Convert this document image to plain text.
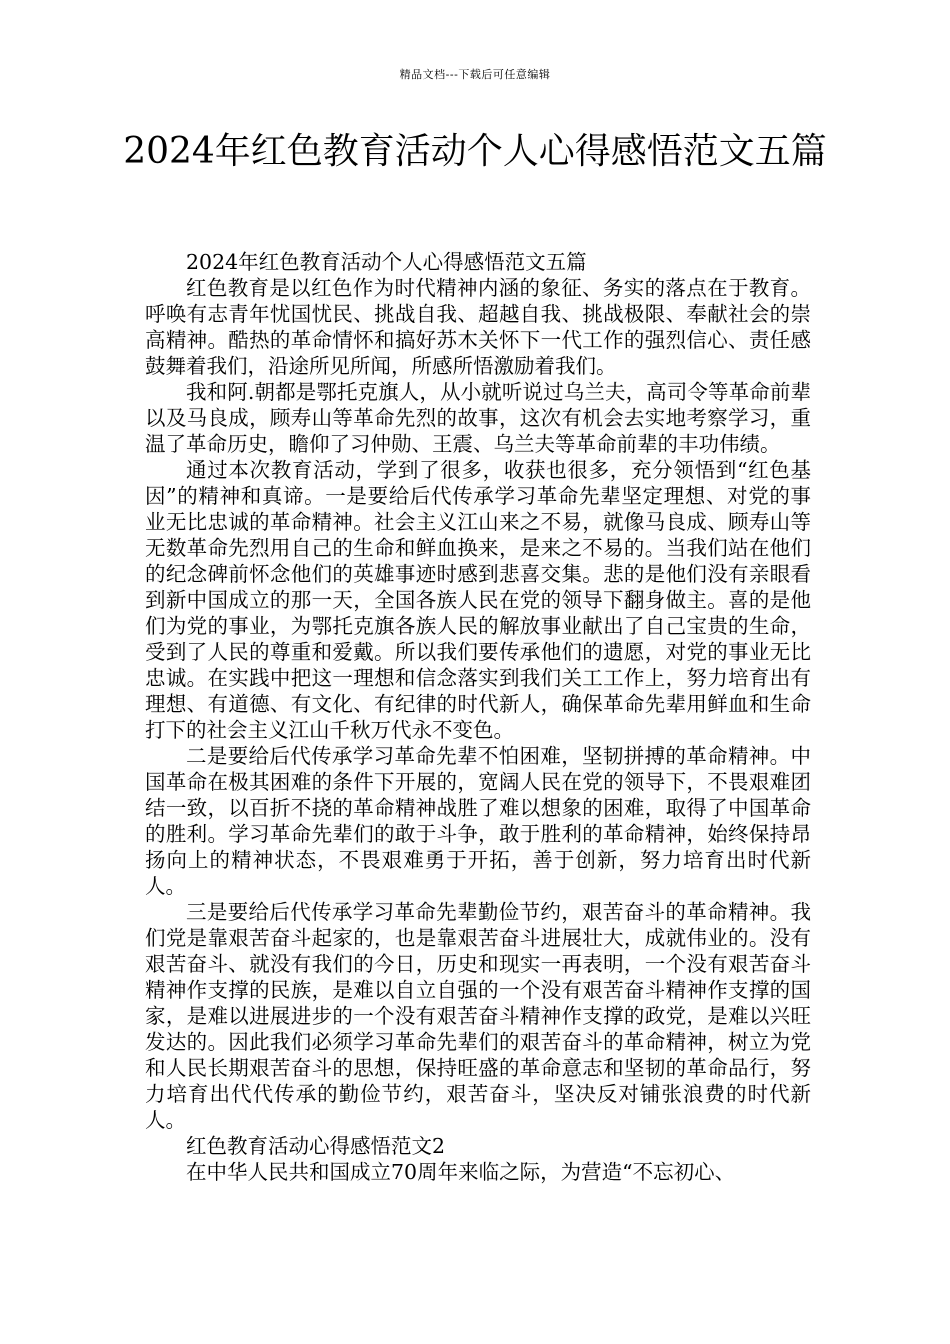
精品文档---下载后可任意编辑
2024年红色教育活动个人心得感悟范文五篇

2024年红色教育活动个人心得感悟范文五篇

红色教育是以红色作为时代精神内涵的象征、务实的落点在于教育。呼唤有志青年忧国忧民、挑战自我、超越自我、挑战极限、奉献社会的崇高精神。酷热的革命情怀和搞好苏木关怀下一代工作的强烈信心、责任感鼓舞着我们，沿途所见所闻，所感所悟激励着我们。

我和阿.朝都是鄂托克旗人，从小就听说过乌兰夫，高司令等革命前辈以及马良成，顾寿山等革命先烈的故事，这次有机会去实地考察学习，重温了革命历史，瞻仰了习仲勋、王震、乌兰夫等革命前辈的丰功伟绩。

通过本次教育活动，学到了很多，收获也很多，充分领悟到“红色基因”的精神和真谛。一是要给后代传承学习革命先辈坚定理想、对党的事业无比忠诚的革命精神。社会主义江山来之不易，就像马良成、顾寿山等无数革命先烈用自己的生命和鲜血换来，是来之不易的。当我们站在他们的纪念碑前怀念他们的英雄事迹时感到悲喜交集。悲的是他们没有亲眼看到新中国成立的那一天，全国各族人民在党的领导下翻身做主。喜的是他们为党的事业，为鄂托克旗各族人民的解放事业献出了自己宝贵的生命，受到了人民的尊重和爱戴。所以我们要传承他们的遗愿，对党的事业无比忠诚。在实践中把这一理想和信念落实到我们关工工作上，努力培育出有理想、有道德、有文化、有纪律的时代新人，确保革命先辈用鲜血和生命打下的社会主义江山千秋万代永不变色。

二是要给后代传承学习革命先辈不怕困难，坚韧拼搏的革命精神。中国革命在极其困难的条件下开展的，宽阔人民在党的领导下，不畏艰难团结一致，以百折不挠的革命精神战胜了难以想象的困难，取得了中国革命的胜利。学习革命先辈们的敢于斗争，敢于胜利的革命精神，始终保持昂扬向上的精神状态，不畏艰难勇于开拓，善于创新，努力培育出时代新人。

三是要给后代传承学习革命先辈勤俭节约，艰苦奋斗的革命精神。我们党是靠艰苦奋斗起家的，也是靠艰苦奋斗进展壮大，成就伟业的。没有艰苦奋斗、就没有我们的今日，历史和现实一再表明，一个没有艰苦奋斗精神作支撑的民族，是难以自立自强的一个没有艰苦奋斗精神作支撑的国家，是难以进展进步的一个没有艰苦奋斗精神作支撑的政党，是难以兴旺发达的。因此我们必须学习革命先辈们的艰苦奋斗的革命精神，树立为党和人民长期艰苦奋斗的思想，保持旺盛的革命意志和坚韧的革命品行，努力培育出代代传承的勤俭节约，艰苦奋斗，坚决反对铺张浪费的时代新人。

红色教育活动心得感悟范文2

在中华人民共和国成立70周年来临之际，为营造“不忘初心、
